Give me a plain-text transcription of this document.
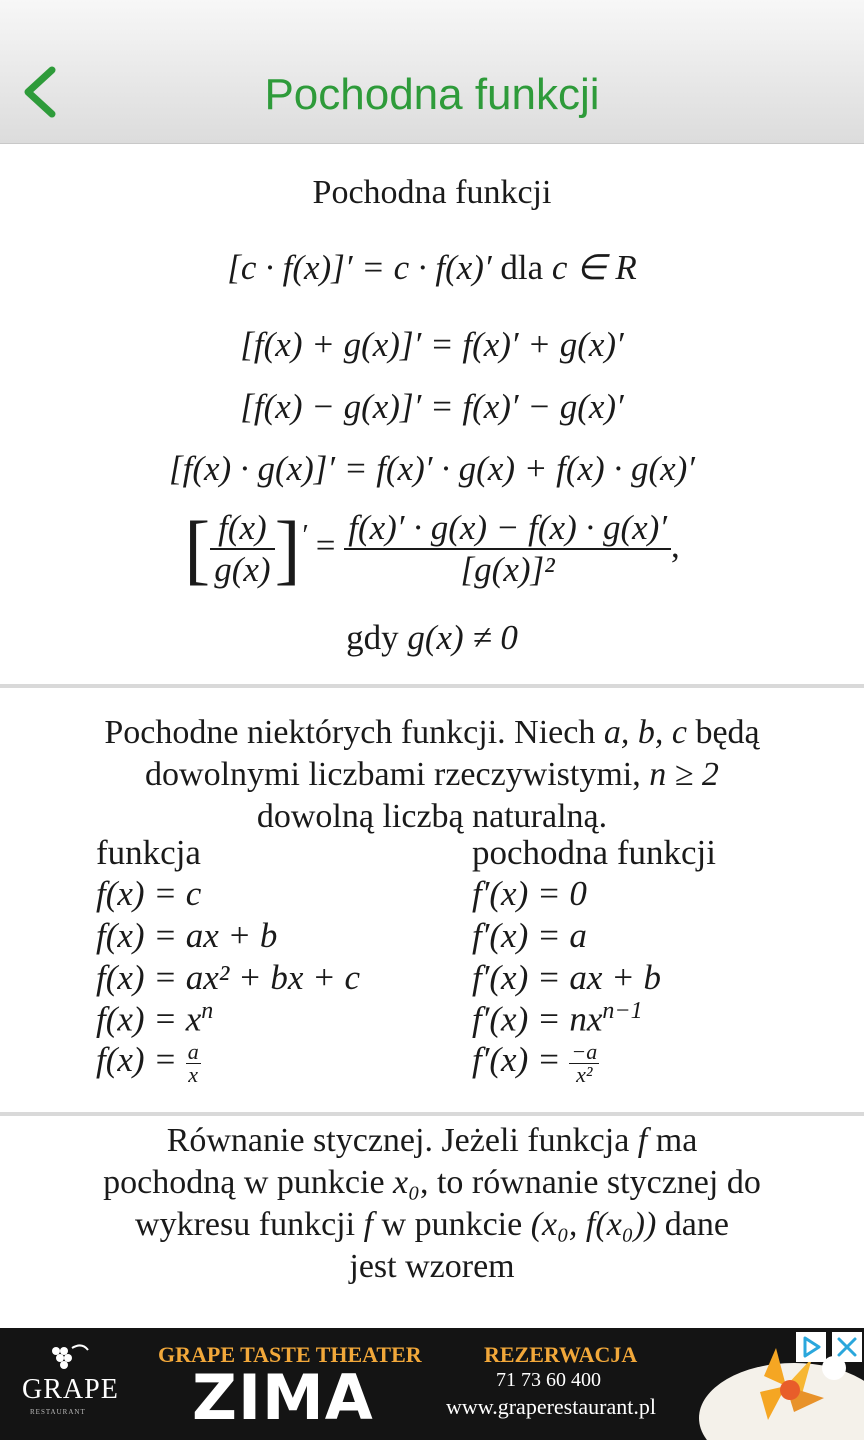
Pochodna funkcji
Pochodna funkcji
[c · f(x)]′ = c · f(x)′ dla c ∈ R
[f(x) + g(x)]′ = f(x)′ + g(x)′
[f(x) − g(x)]′ = f(x)′ − g(x)′
[f(x) · g(x)]′ = f(x)′ · g(x) + f(x) · g(x)′
[ $\frac{f(x)}{g(x)} ]' = \frac{f(x)' \cdot g(x) - f(x) \cdot g(x)'}{\text{[g(x)]²}}$ ,
gdy g(x) ≠ 0
Pochodne niektórych funkcji. Niech a, b, c będą
dowolnymi liczbami rzeczywistymi, n ≥ 2
dowolną liczbą naturalną.
funkcja	pochodna funkcji
f(x) = c	f′(x) = 0
f(x) = ax + b	f′(x) = a
f(x) = ax² + bx + c	f′(x) = ax + b
$f(x) = x^n$	$f'(x) = nx^{n-1}$
$f(x) = \frac{a}{x}$	$f'(x) = \frac{-a}{\text{x²}}$
Równanie stycznej. Jeżeli funkcja f ma
pochodną w punkcie x₀, to równanie stycznej do
wykresu funkcji f w punkcie (x₀, f(x₀)) dane
jest wzorem
GRAPE
RESTAURANT
GRAPE TASTE THEATER
ZIMA
REZERWACJA
71 73 60 400
www.graperestaurant.pl
